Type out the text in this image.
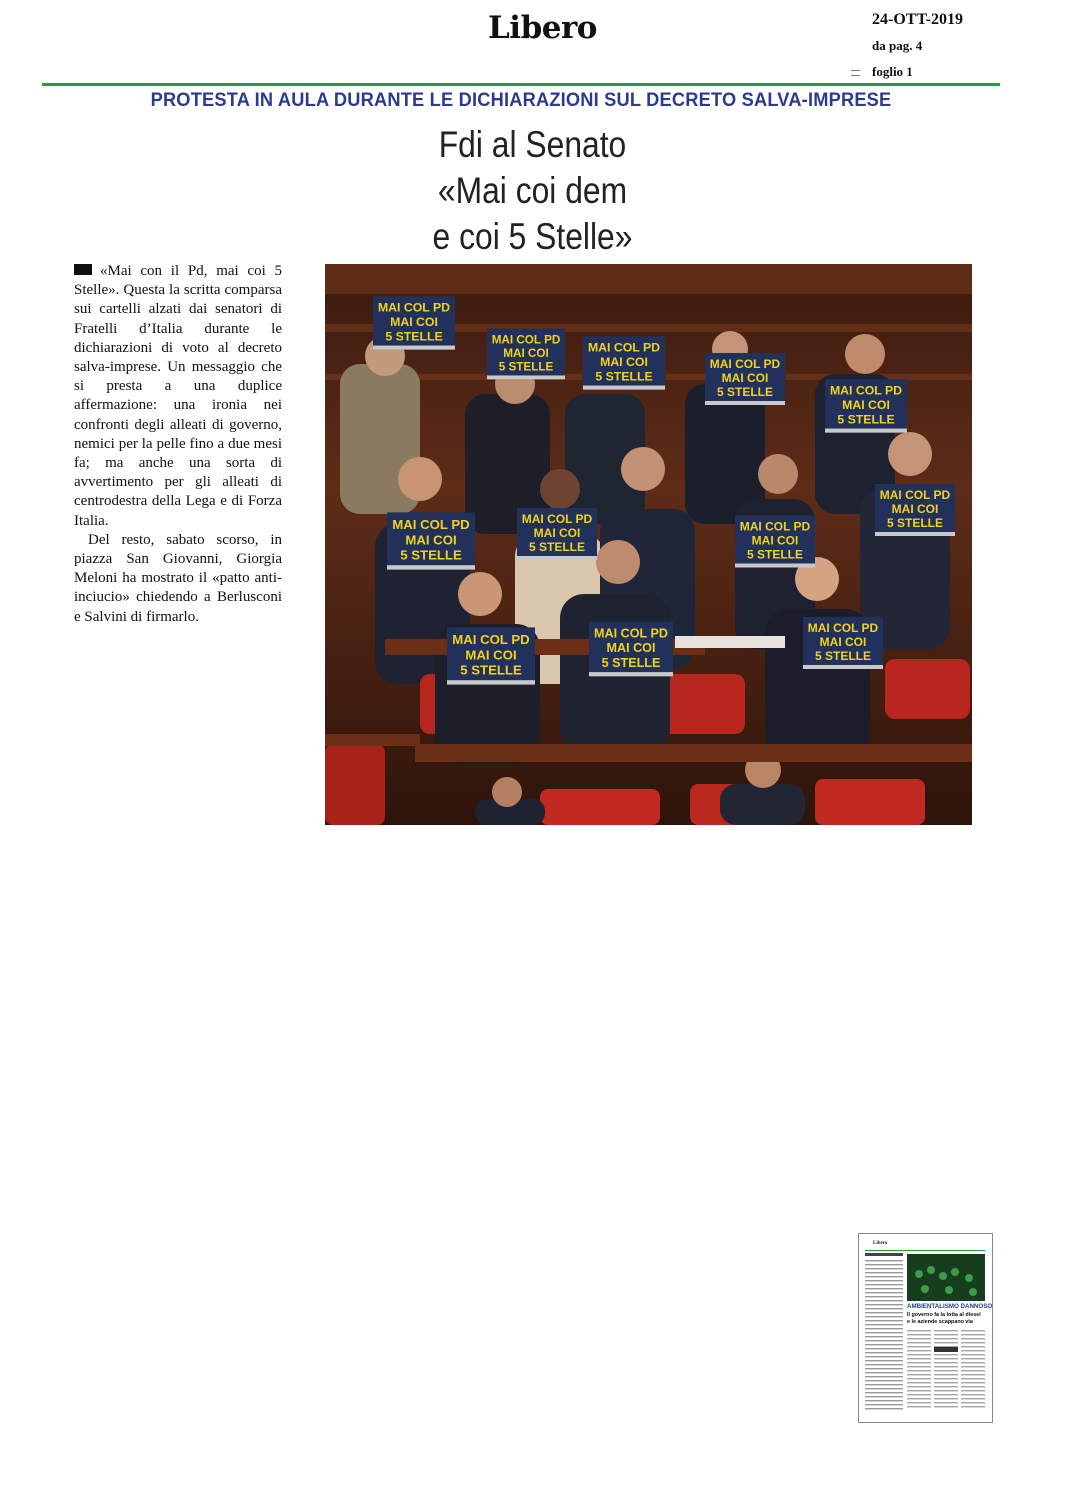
Libero	24-OTT-2019
da pag. 4
foglio 1
PROTESTA IN AULA DURANTE LE DICHIARAZIONI SUL DECRETO SALVA-IMPRESE
Fdi al Senato
«Mai coi dem
e coi 5 Stelle»

«Mai con il Pd, mai coi 5 Stelle». Questa la scritta comparsa sui cartelli alzati dai senatori di Fratelli d’Italia durante le dichiarazioni di voto al decreto salva-imprese. Un messaggio che si presta a una duplice affermazione: una ironia nei confronti degli alleati di governo, nemici per la pelle fino a due mesi fa; ma anche una sorta di avvertimento per gli alleati di centrodestra della Lega e di Forza Italia.

Del resto, sabato scorso, in piazza San Giovanni, Giorgia Meloni ha mostrato il «patto anti-inciucio» chiedendo a Berlusconi e Salvini di firmarlo.

Libero
AMBIENTALISMO DANNOSO
Il governo fa la lotta al diesel
e le aziende scappano via
